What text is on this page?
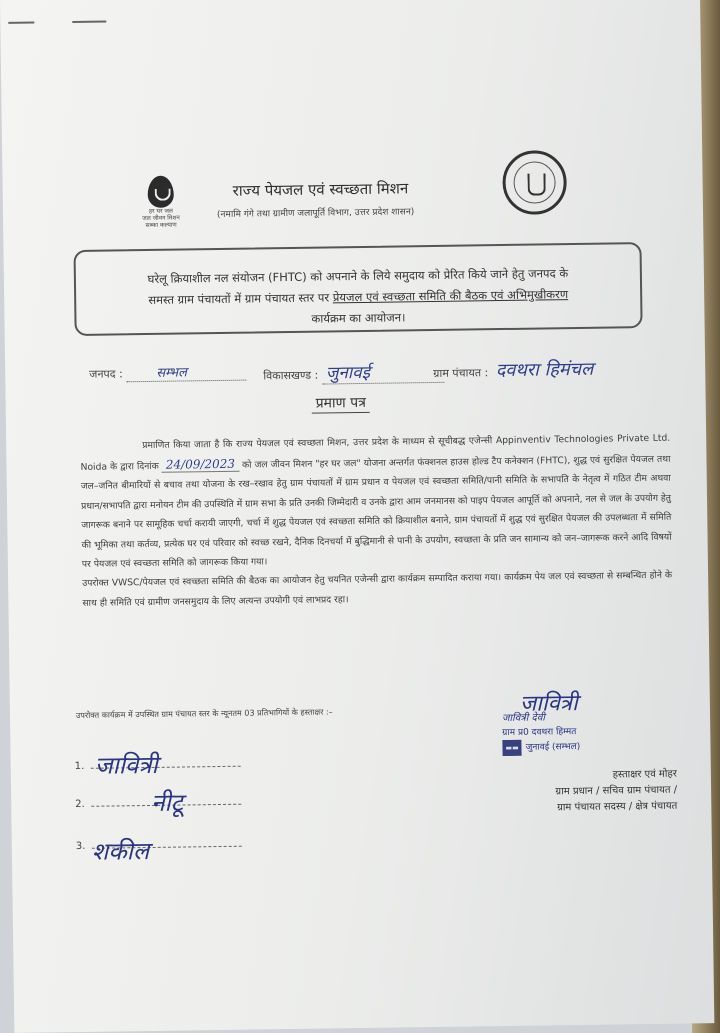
हर घर जल
जल जीवन मिशन
सब्का कल्याण
राज्य पेयजल एवं स्वच्छता मिशन
(नमामि गंगे तथा ग्रामीण जलापूर्ति विभाग, उत्तर प्रदेश शासन)
घरेलू क्रियाशील नल संयोजन (FHTC) को अपनाने के लिये समुदाय को प्रेरित किये जाने हेतु जनपद के
समस्त ग्राम पंचायतों में ग्राम पंचायत स्तर पर प्रेयजल एवं स्वच्छता समिति की बैठक एवं अभिमुखीकरण
कार्यक्रम का आयोजन।
जनपद :	सम्भल	विकासखण्ड : जुनावई	ग्राम पंचायत : दवथरा हिमंचल
प्रमाण पत्र
प्रमाणित किया जाता है कि राज्य पेयजल एवं स्वच्छता मिशन, उत्तर प्रदेश के माध्यम से सूचीबद्ध एजेन्सी Appinventiv Technologies Private Ltd. Noida के द्वारा दिनांक 24/09/2023 को जल जीवन मिशन "हर घर जल" योजना अन्तर्गत फंक्शनल हाउस होल्ड टैप कनेक्शन (FHTC), शुद्ध एवं सुरक्षित पेयजल तथा जल–जनित बीमारियों से बचाव तथा योजना के रख–रखाव हेतु ग्राम पंचायतों में ग्राम प्रधान व पेयजल एवं स्वच्छता समिति/पानी समिति के सभापति के नेतृत्व में गठित टीम अथवा प्रधान/सभापति द्वारा मनोयन टीम की उपस्थिति में ग्राम सभा के प्रति उनकी जिम्मेदारी व उनके द्वारा आम जनमानस को पाइप पेयजल आपूर्ति को अपनाने, नल से जल के उपयोग हेतु जागरूक बनाने पर सामूहिक चर्चा करायी जाएगी, चर्चा में शुद्ध पेयजल एवं स्वच्छता समिति को क्रियाशील बनाने, ग्राम पंचायतों में शुद्ध एवं सुरक्षित पेयजल की उपलब्धता में समिति की भूमिका तथा कर्तव्य, प्रत्येक घर एवं परिवार को स्वच्छ रखने, दैनिक दिनचर्या में बुद्धिमानी से पानी के उपयोग, स्वच्छता के प्रति जन सामान्य को जन–जागरूक करने आदि विषयों पर पेयजल एवं स्वच्छता समिति को जागरूक किया गया।
उपरोक्त VWSC/पेयजल एवं स्वच्छता समिति की बैठक का आयोजन हेतु चयनित एजेन्सी द्वारा कार्यक्रम सम्पादित कराया गया। कार्यक्रम पेय जल एवं स्वच्छता से सम्बन्धित होने के साथ ही समिति एवं ग्रामीण जनसमुदाय के लिए अत्यन्त उपयोगी एवं लाभप्रद रहा।
उपरोक्त कार्यक्रम में उपस्थित ग्राम पंचायत स्तर के न्यूनतम 03 प्रतिभागियों के हस्ताक्षर :–
1. जावित्री
2.	नीटू
3. शकील
जावित्री
जावित्री देवी
ग्राम प्र0 दवथरा हिम्मत
▬▬ जुनावई (सम्भल)
हस्ताक्षर एवं मोहर
ग्राम प्रधान / सचिव ग्राम पंचायत /
ग्राम पंचायत सदस्य / क्षेत्र पंचायत
